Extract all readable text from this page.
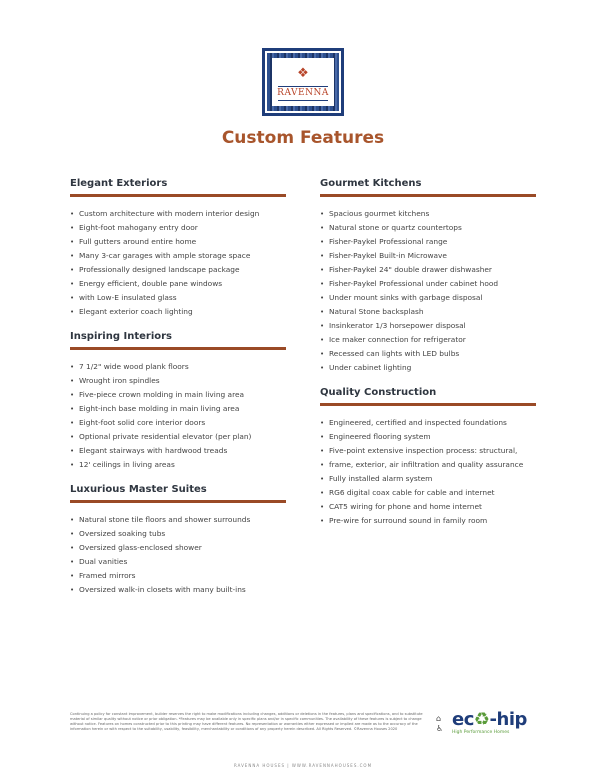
❖
RAVENNA
Custom Features
Elegant Exteriors
• Custom architecture with modern interior design
• Eight-foot mahogany entry door
• Full gutters around entire home
• Many 3-car garages with ample storage space
• Professionally designed landscape package
• Energy efficient, double pane windows
• with Low-E insulated glass
• Elegant exterior coach lighting
Inspiring Interiors
• 7 1/2" wide wood plank floors
• Wrought iron spindles
• Five-piece crown molding in main living area
• Eight-inch base molding in main living area
• Eight-foot solid core interior doors
• Optional private residential elevator (per plan)
• Elegant stairways with hardwood treads
• 12' ceilings in living areas
Luxurious Master Suites
• Natural stone tile floors and shower surrounds
• Oversized soaking tubs
• Oversized glass-enclosed shower
• Dual vanities
• Framed mirrors
• Oversized walk-in closets with many built-ins
Gourmet Kitchens
• Spacious gourmet kitchens
• Natural stone or quartz countertops
• Fisher-Paykel Professional range
• Fisher-Paykel Built-in Microwave
• Fisher-Paykel 24" double drawer dishwasher
• Fisher-Paykel Professional under cabinet hood
• Under mount sinks with garbage disposal
• Natural Stone backsplash
• Insinkerator 1/3 horsepower disposal
• Ice maker connection for refrigerator
• Recessed can lights with LED bulbs
• Under cabinet lighting
Quality Construction
• Engineered, certified and inspected foundations
• Engineered flooring system
• Five-point extensive inspection process: structural,
• frame, exterior, air infiltration and quality assurance
• Fully installed alarm system
• RG6 digital coax cable for cable and internet
• CAT5 wiring for phone and home internet
• Pre-wire for surround sound in family room

Continuing a policy for constant improvement, builder reserves the right to make modifications including changes, additions or deletions in the features, plans and specifications, and to substitute material of similar quality without notice or prior obligation. *Features may be available only in specific plans and/or in specific communities. The availability of these features is subject to change without notice. Features on homes constructed prior to this printing may have different features. No representation or warranties either expressed or implied are made as to the accuracy of the information herein or with respect to the suitability, usability, feasibility, merchantability or conditions of any property herein described. All Rights Reserved. ©Ravenna Houses 2020

⌂
♿ ec♻-hip
High Performance Homes
RAVENNA HOUSES | WWW.RAVENNAHOUSES.COM
